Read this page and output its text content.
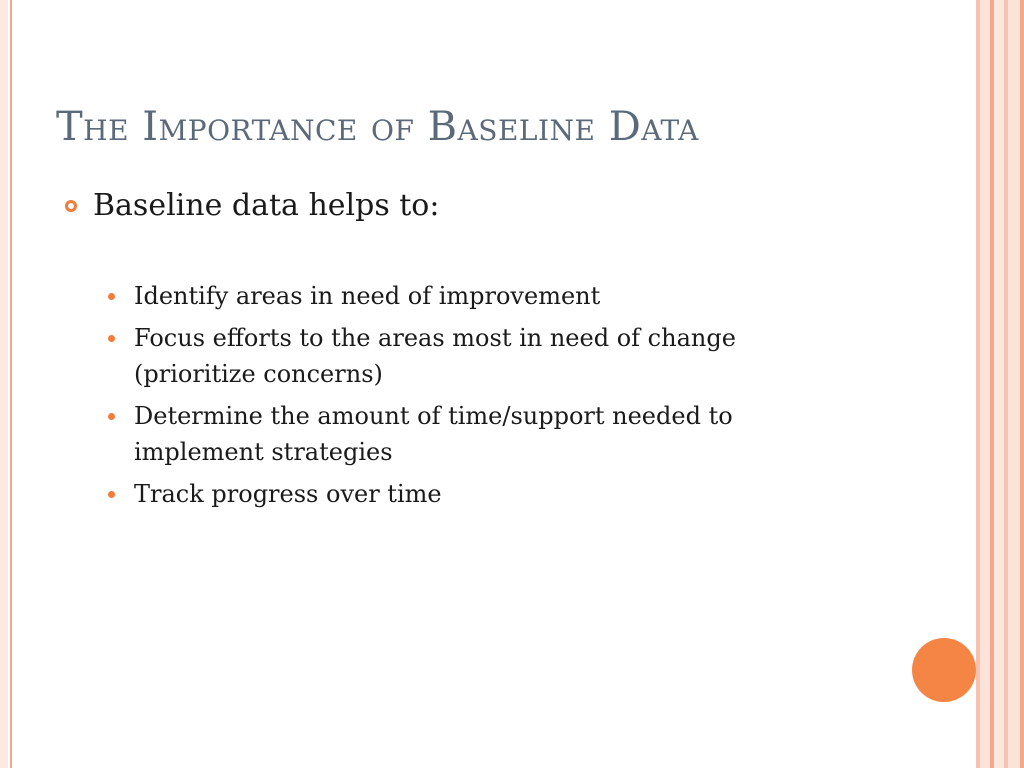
The Importance of Baseline Data
Baseline data helps to:
Identify areas in need of improvement
Focus efforts to the areas most in need of change (prioritize concerns)
Determine the amount of time/support needed to implement strategies
Track progress over time
